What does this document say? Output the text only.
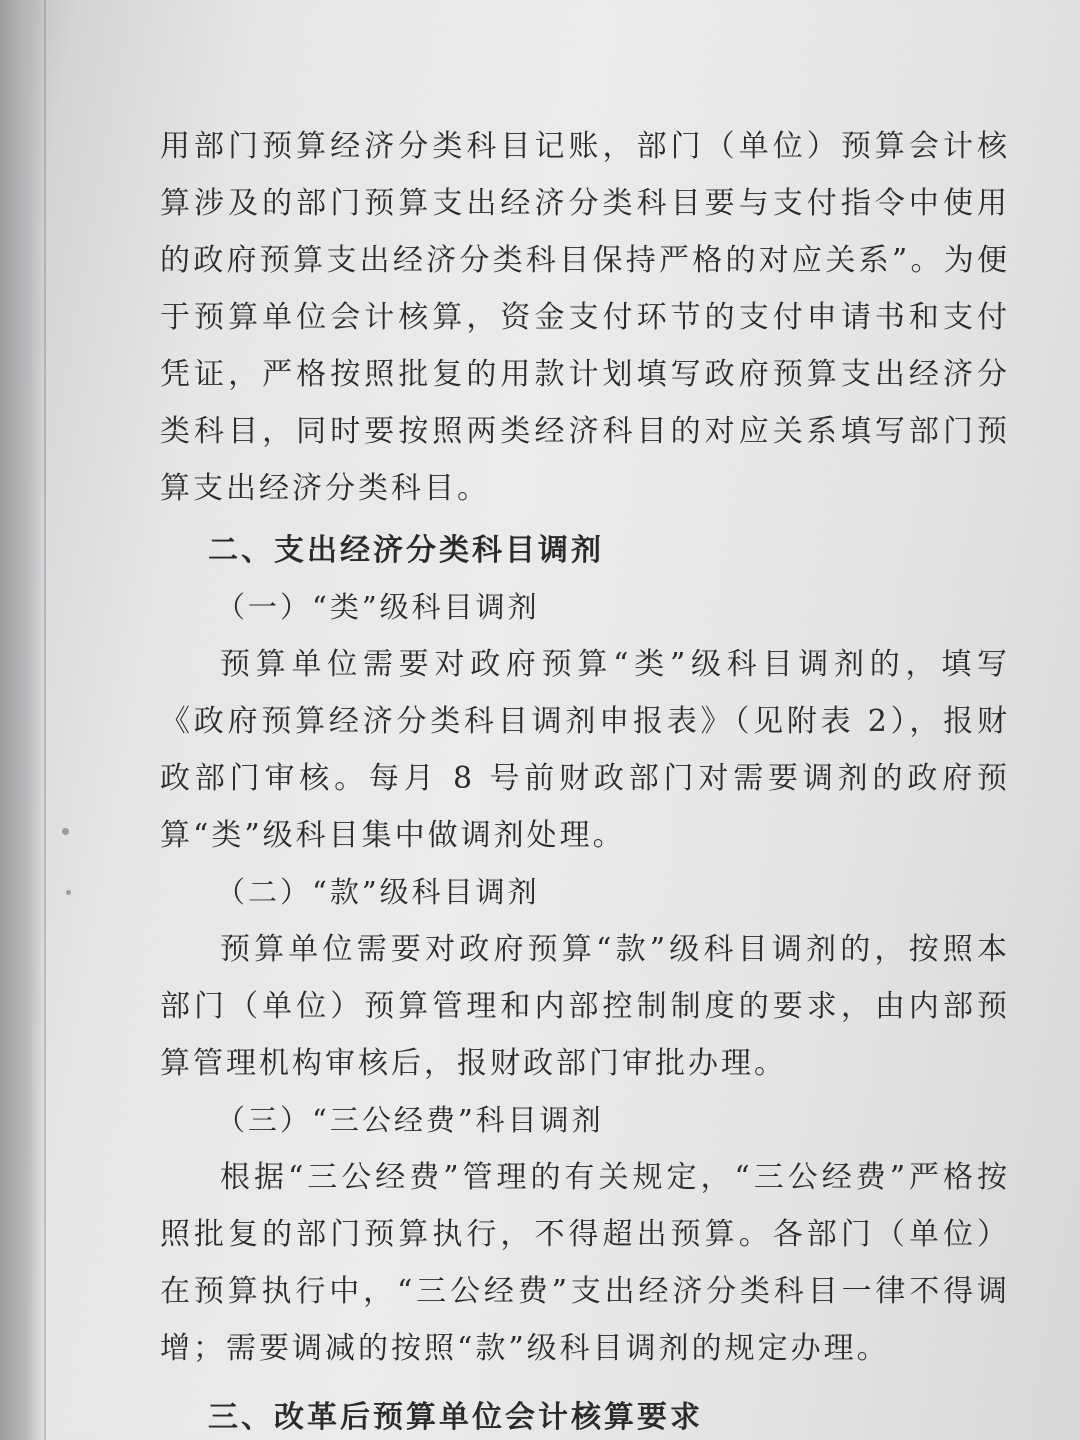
用部门预算经济分类科目记账，部门（单位）预算会计核算涉及的部门预算支出经济分类科目要与支付指令中使用的政府预算支出经济分类科目保持严格的对应关系”。为便于预算单位会计核算，资金支付环节的支付申请书和支付凭证，严格按照批复的用款计划填写政府预算支出经济分类科目，同时要按照两类经济科目的对应关系填写部门预算支出经济分类科目。

二、支出经济分类科目调剂

（一）“类”级科目调剂

预算单位需要对政府预算“类”级科目调剂的，填写《政府预算经济分类科目调剂申报表》（见附表 2），报财政部门审核。每月 8 号前财政部门对需要调剂的政府预算“类”级科目集中做调剂处理。

（二）“款”级科目调剂

预算单位需要对政府预算“款”级科目调剂的，按照本部门（单位）预算管理和内部控制制度的要求，由内部预算管理机构审核后，报财政部门审批办理。

（三）“三公经费”科目调剂

根据“三公经费”管理的有关规定，“三公经费”严格按照批复的部门预算执行，不得超出预算。各部门（单位）在预算执行中，“三公经费”支出经济分类科目一律不得调增；需要调减的按照“款”级科目调剂的规定办理。

三、改革后预算单位会计核算要求
